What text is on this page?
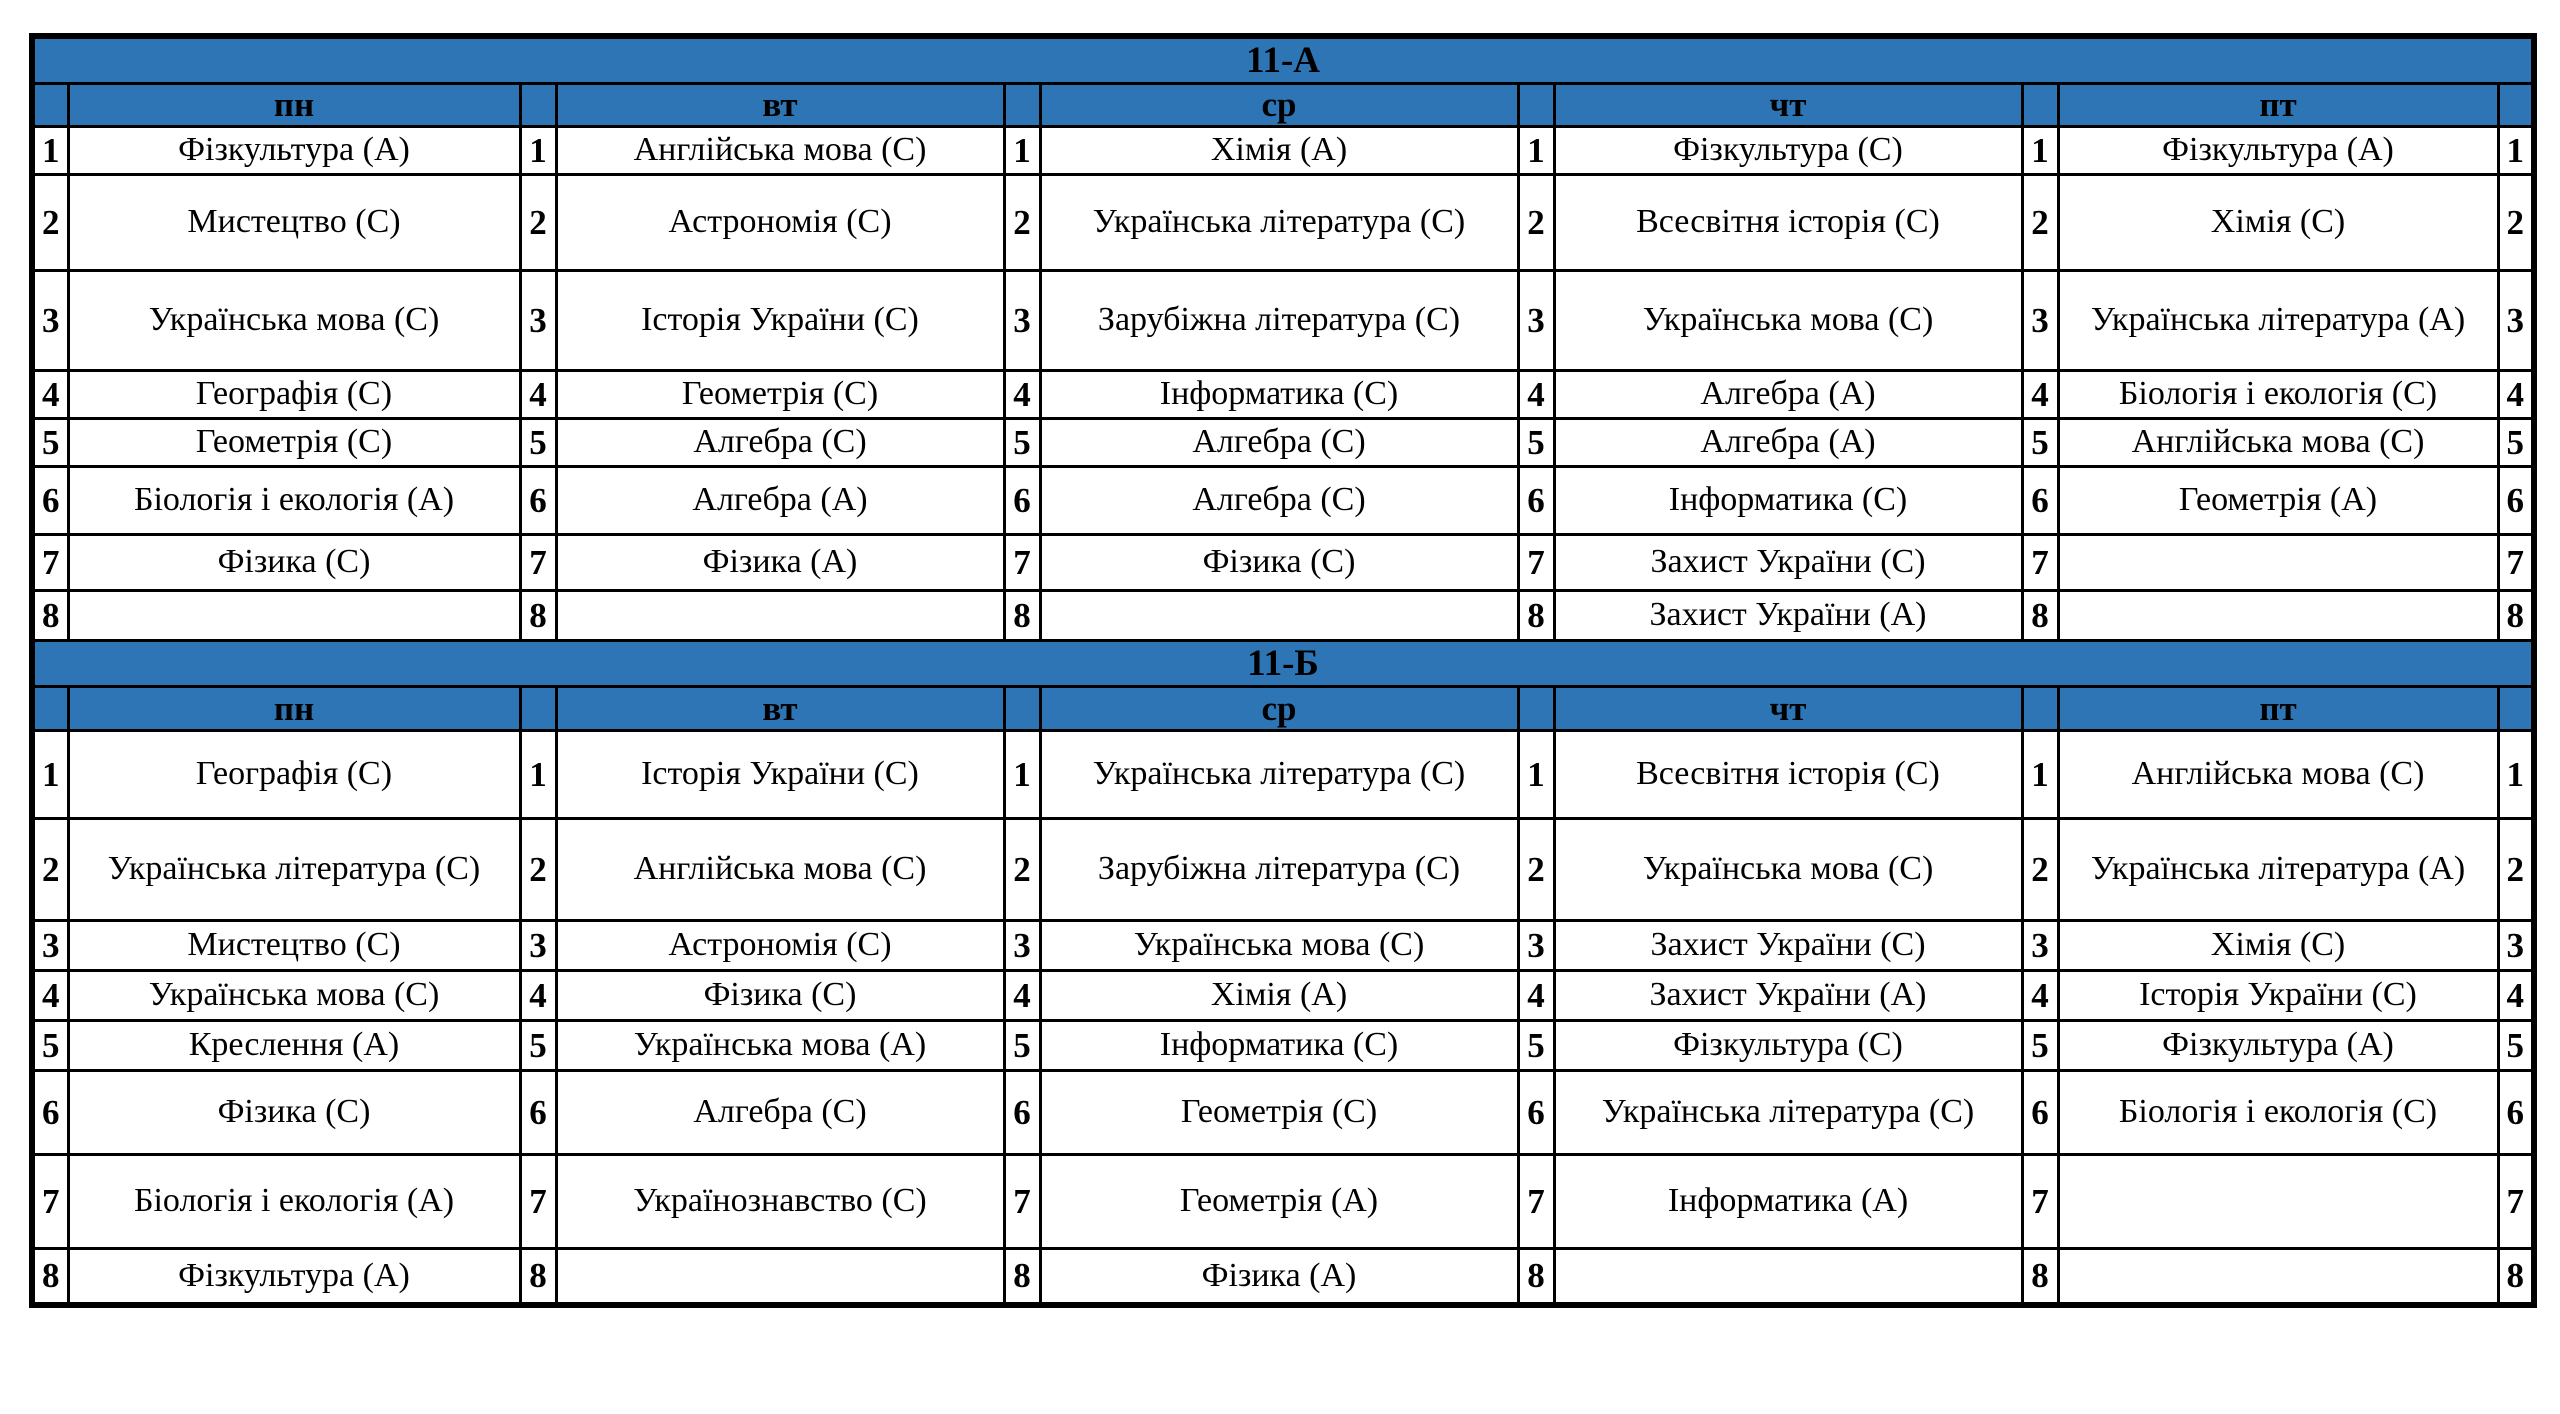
11-А										
	пн		вт		ср		чт		пт	
1	Фізкультура (А)	1	Англійська мова (С)	1	Хімія (А)	1	Фізкультура (С)	1	Фізкультура (А)	1
2	Мистецтво (С)	2	Астрономія (С)	2	Українська література (С)	2	Всесвітня історія (С)	2	Хімія (С)	2
3	Українська мова (С)	3	Історія України (С)	3	Зарубіжна література (С)	3	Українська мова (С)	3	Українська література (А)	3
4	Географія (С)	4	Геометрія (С)	4	Інформатика (С)	4	Алгебра (А)	4	Біологія і екологія (С)	4
5	Геометрія (С)	5	Алгебра (С)	5	Алгебра (С)	5	Алгебра (А)	5	Англійська мова (С)	5
6	Біологія і екологія (А)	6	Алгебра (А)	6	Алгебра (С)	6	Інформатика (С)	6	Геометрія (А)	6
7	Фізика (С)	7	Фізика (А)	7	Фізика (С)	7	Захист України (С)	7		7
8		8		8		8	Захист України (А)	8		8
11-Б										
	пн		вт		ср		чт		пт	
1	Географія (С)	1	Історія України (С)	1	Українська література (С)	1	Всесвітня історія (С)	1	Англійська мова (С)	1
2	Українська література (С)	2	Англійська мова (С)	2	Зарубіжна література (С)	2	Українська мова (С)	2	Українська література (А)	2
3	Мистецтво (С)	3	Астрономія (С)	3	Українська мова (С)	3	Захист України (С)	3	Хімія (С)	3
4	Українська мова (С)	4	Фізика (С)	4	Хімія (А)	4	Захист України (А)	4	Історія України (С)	4
5	Креслення (А)	5	Українська мова (А)	5	Інформатика (С)	5	Фізкультура (С)	5	Фізкультура (А)	5
6	Фізика (С)	6	Алгебра (С)	6	Геометрія (С)	6	Українська література (С)	6	Біологія і екологія (С)	6
7	Біологія і екологія (А)	7	Українознавство (С)	7	Геометрія (А)	7	Інформатика (А)	7		7
8	Фізкультура (А)	8		8	Фізика (А)	8		8		8
